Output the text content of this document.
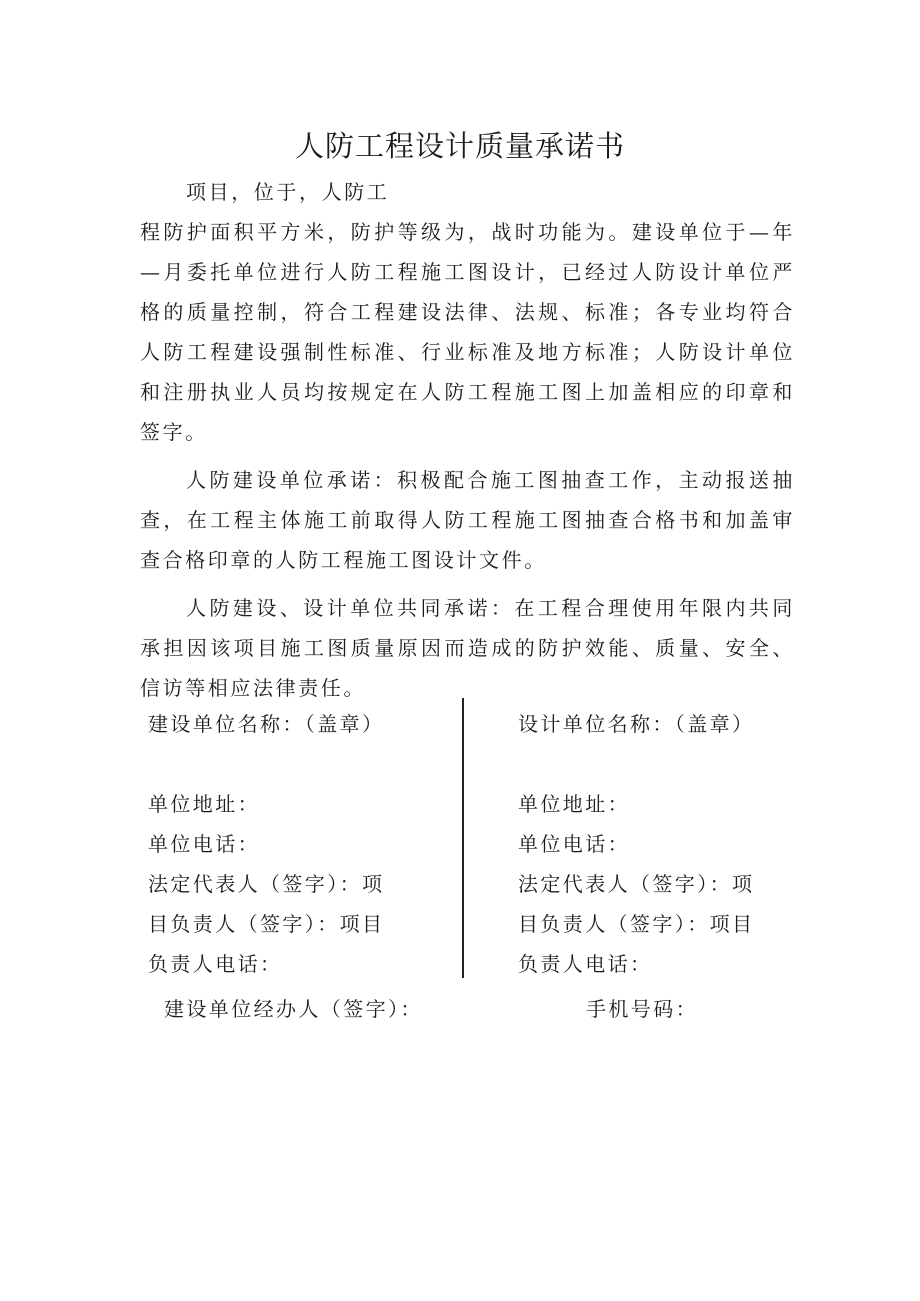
人防工程设计质量承诺书

项目，位于，人防工

程防护面积平方米，防护等级为，战时功能为。建设单位于—年—月委托单位进行人防工程施工图设计，已经过人防设计单位严格的质量控制，符合工程建设法律、法规、标准；各专业均符合人防工程建设强制性标准、行业标准及地方标准；人防设计单位和注册执业人员均按规定在人防工程施工图上加盖相应的印章和签字。

人防建设单位承诺：积极配合施工图抽查工作，主动报送抽查，在工程主体施工前取得人防工程施工图抽查合格书和加盖审查合格印章的人防工程施工图设计文件。

人防建设、设计单位共同承诺：在工程合理使用年限内共同承担因该项目施工图质量原因而造成的防护效能、质量、安全、信访等相应法律责任。

建设单位名称：（盖章）
单位地址：
单位电话：
法定代表人（签字）：项
目负责人（签字）：项目
负责人电话：
设计单位名称：（盖章）
单位地址：
单位电话：
法定代表人（签字）：项
目负责人（签字）：项目
负责人电话：
建设单位经办人（签字）：	手机号码：
